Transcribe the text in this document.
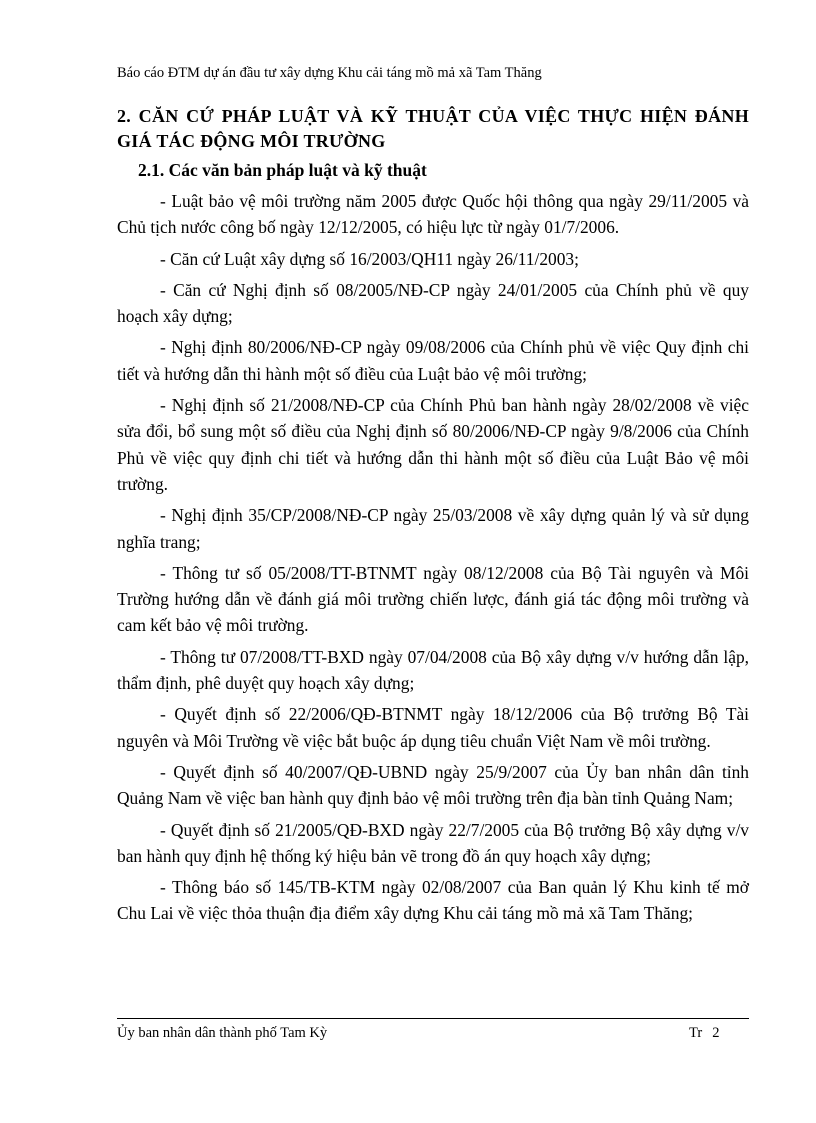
Báo cáo ĐTM dự án đầu tư xây dựng Khu cải táng mồ mả xã Tam Thăng
2. CĂN CỨ PHÁP LUẬT VÀ KỸ THUẬT CỦA VIỆC THỰC HIỆN ĐÁNH GIÁ TÁC ĐỘNG MÔI TRƯỜNG
2.1. Các văn bản pháp luật và kỹ thuật
- Luật bảo vệ môi trường năm 2005 được Quốc hội thông qua ngày 29/11/2005 và Chủ tịch nước công bố ngày 12/12/2005, có hiệu lực từ ngày 01/7/2006.
- Căn cứ Luật xây dựng số 16/2003/QH11 ngày 26/11/2003;
- Căn cứ Nghị định số 08/2005/NĐ-CP ngày 24/01/2005 của Chính phủ về quy hoạch xây dựng;
- Nghị định 80/2006/NĐ-CP ngày 09/08/2006 của Chính phủ về việc Quy định chi tiết và hướng dẫn thi hành một số điều của Luật bảo vệ môi trường;
- Nghị định số 21/2008/NĐ-CP của Chính Phủ ban hành ngày 28/02/2008 về việc sửa đổi, bổ sung một số điều của Nghị định số 80/2006/NĐ-CP ngày 9/8/2006 của Chính Phủ về việc quy định chi tiết và hướng dẫn thi hành một số điều của Luật Bảo vệ môi trường.
- Nghị định 35/CP/2008/NĐ-CP ngày 25/03/2008 về xây dựng quản lý và sử dụng nghĩa trang;
- Thông tư số 05/2008/TT-BTNMT ngày 08/12/2008 của Bộ Tài nguyên và Môi Trường hướng dẫn về đánh giá môi trường chiến lược, đánh giá tác động môi trường và cam kết bảo vệ môi trường.
- Thông tư 07/2008/TT-BXD ngày 07/04/2008 của Bộ xây dựng v/v hướng dẫn lập, thẩm định, phê duyệt quy hoạch xây dựng;
- Quyết định số 22/2006/QĐ-BTNMT ngày 18/12/2006 của Bộ trưởng Bộ Tài nguyên và Môi Trường về việc bắt buộc áp dụng tiêu chuẩn Việt Nam về môi trường.
- Quyết định số 40/2007/QĐ-UBND ngày 25/9/2007 của Ủy ban nhân dân tỉnh Quảng Nam về việc ban hành quy định bảo vệ môi trường trên địa bàn tỉnh Quảng Nam;
- Quyết định số 21/2005/QĐ-BXD ngày 22/7/2005 của Bộ trưởng Bộ xây dựng v/v ban hành quy định hệ thống ký hiệu bản vẽ trong đồ án quy hoạch xây dựng;
- Thông báo số 145/TB-KTM ngày 02/08/2007 của Ban quản lý Khu kinh tế mở Chu Lai về việc thỏa thuận địa điểm xây dựng Khu cải táng mồ mả xã Tam Thăng;
Ủy ban nhân dân thành phố Tam Kỳ	Tr 2
